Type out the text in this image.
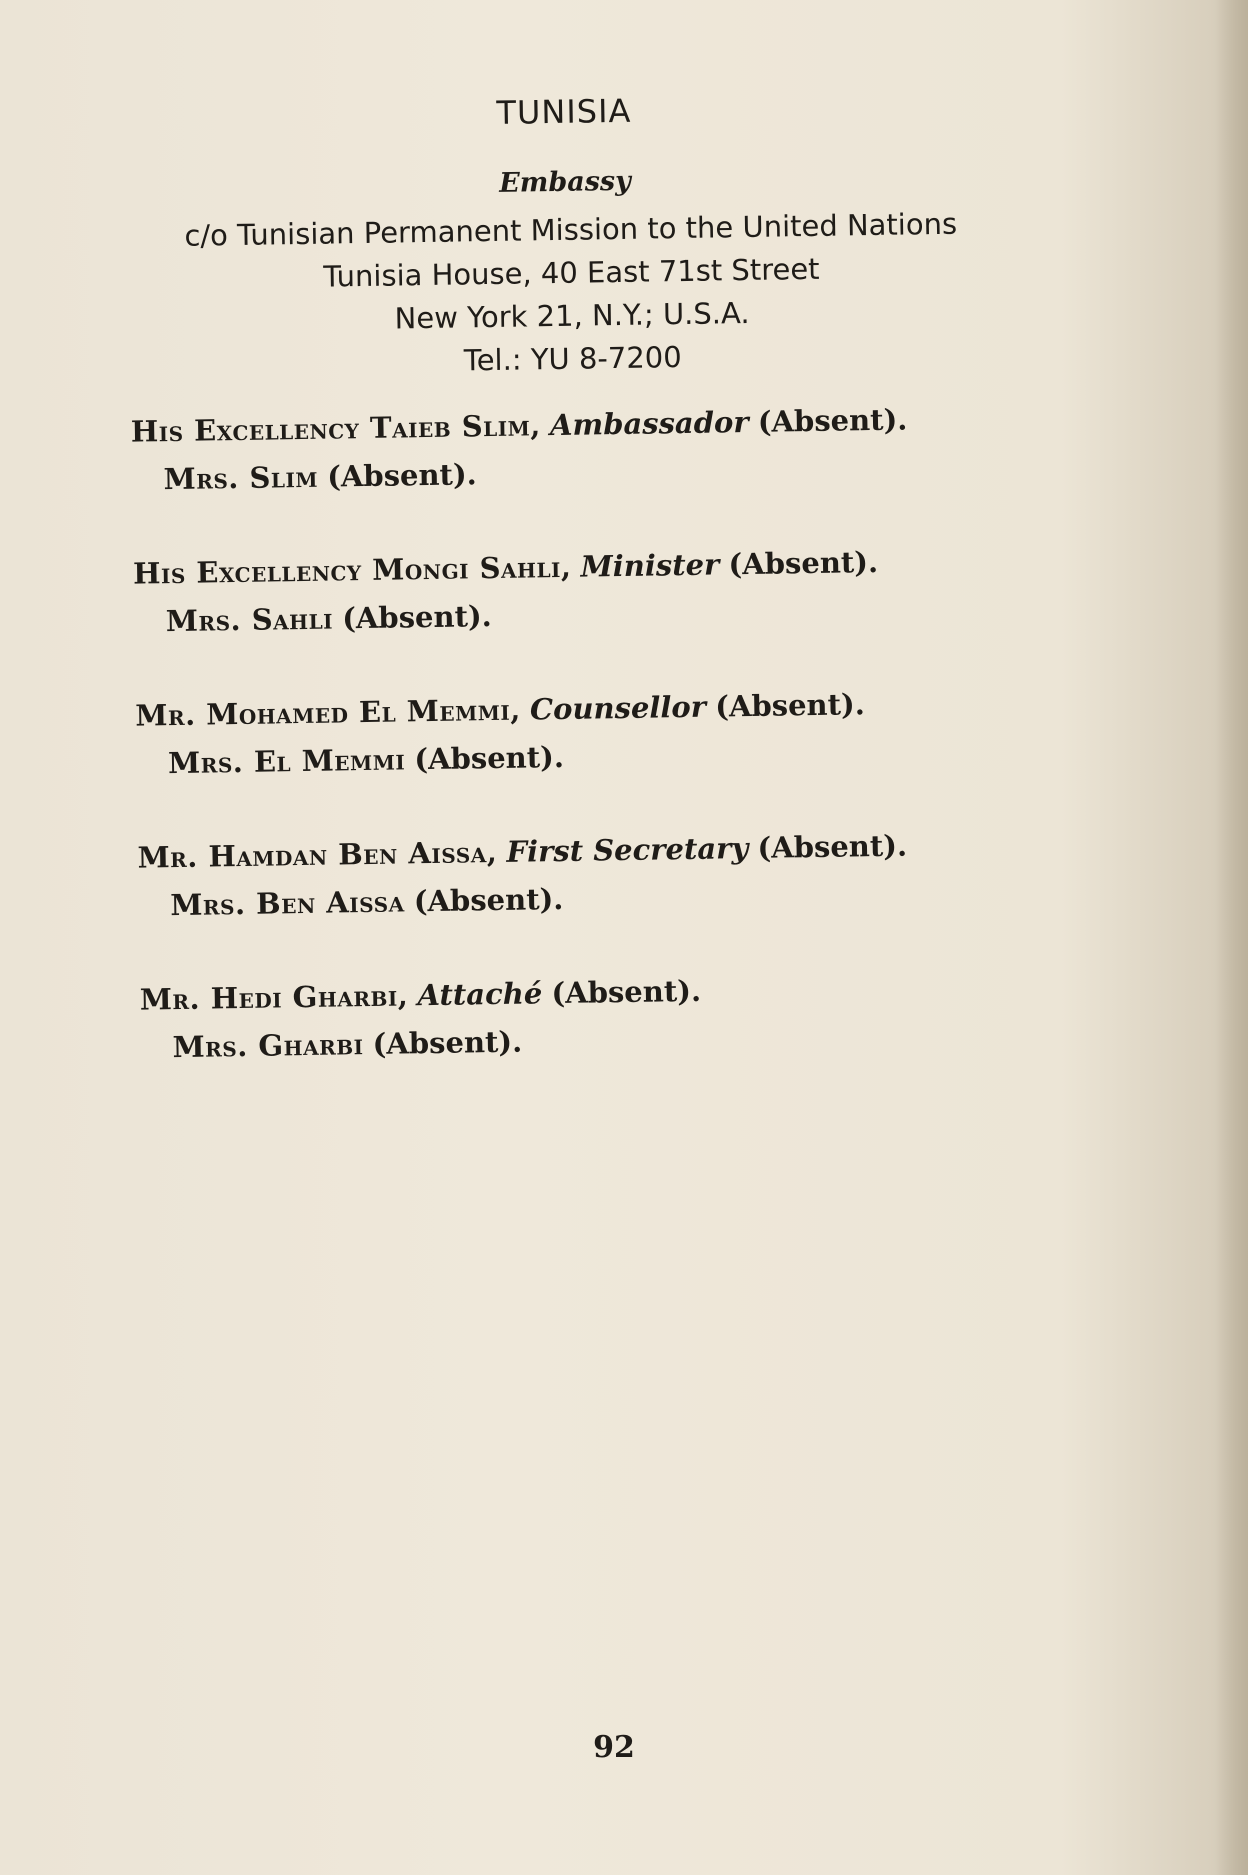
TUNISIA
Embassy
c/o Tunisian Permanent Mission to the United Nations
Tunisia House, 40 East 71st Street
New York 21, N.Y.; U.S.A.
Tel.: YU 8-7200
His Excellency Taieb Slim, Ambassador (Absent).
Mrs. Slim (Absent).
His Excellency Mongi Sahli, Minister (Absent).
Mrs. Sahli (Absent).
Mr. Mohamed El Memmi, Counsellor (Absent).
Mrs. El Memmi (Absent).
Mr. Hamdan Ben Aissa, First Secretary (Absent).
Mrs. Ben Aissa (Absent).
Mr. Hedi Gharbi, Attaché (Absent).
Mrs. Gharbi (Absent).
92
